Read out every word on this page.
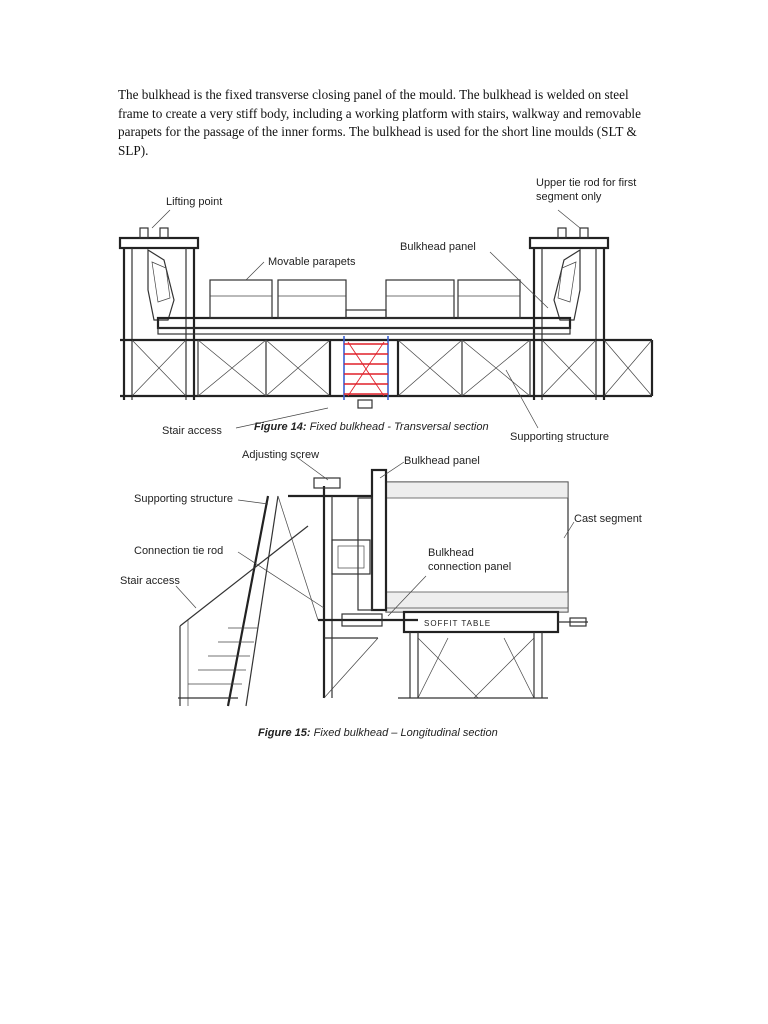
The bulkhead is the fixed transverse closing panel of the mould. The bulkhead is welded on steel frame to create a very stiff body, including a working platform with stairs, walkway and removable parapets for the passage of the inner forms. The bulkhead is used for the short line moulds (SLT & SLP).

Lifting point
Upper tie rod for first
segment only
Bulkhead panel
Movable parapets
Stair access	Supporting structure
Figure 14: Fixed bulkhead - Transversal section
SOFFIT TABLE
Adjusting screw	Bulkhead panel
Supporting structure
Cast segment
Connection tie rod	Bulkhead
connection panel
Stair access
Figure 15: Fixed bulkhead – Longitudinal section
